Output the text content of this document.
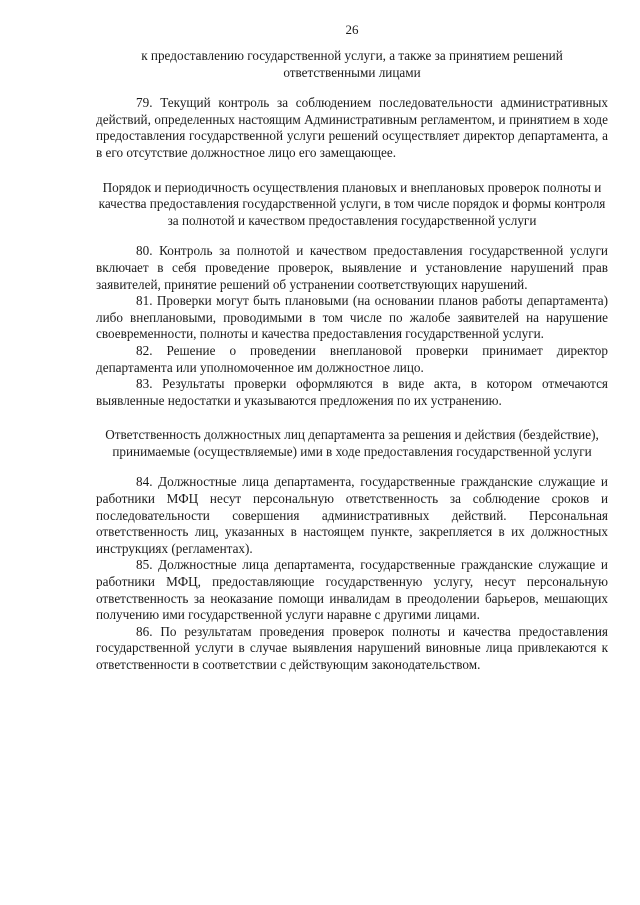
26

к предоставлению государственной услуги, а также за принятием решений ответственными лицами

79. Текущий контроль за соблюдением последовательности административных действий, определенных настоящим Административным регламентом, и принятием в ходе предоставления государственной услуги решений осуществляет директор департамента, а в его отсутствие должностное лицо его замещающее.

Порядок и периодичность осуществления плановых и внеплановых проверок полноты и качества предоставления государственной услуги, в том числе порядок и формы контроля за полнотой и качеством предоставления государственной услуги

80. Контроль за полнотой и качеством предоставления государственной услуги включает в себя проведение проверок, выявление и установление нарушений прав заявителей, принятие решений об устранении соответствующих нарушений.

81. Проверки могут быть плановыми (на основании планов работы департамента) либо внеплановыми, проводимыми в том числе по жалобе заявителей на нарушение своевременности, полноты и качества предоставления государственной услуги.

82. Решение о проведении внеплановой проверки принимает директор департамента или уполномоченное им должностное лицо.

83. Результаты проверки оформляются в виде акта, в котором отмечаются выявленные недостатки и указываются предложения по их устранению.

Ответственность должностных лиц департамента за решения и действия (бездействие), принимаемые (осуществляемые) ими в ходе предоставления государственной услуги

84. Должностные лица департамента, государственные гражданские служащие и работники МФЦ несут персональную ответственность за соблюдение сроков и последовательности совершения административных действий. Персональная ответственность лиц, указанных в настоящем пункте, закрепляется в их должностных инструкциях (регламентах).

85. Должностные лица департамента, государственные гражданские служащие и работники МФЦ, предоставляющие государственную услугу, несут персональную ответственность за неоказание помощи инвалидам в преодолении барьеров, мешающих получению ими государственной услуги наравне с другими лицами.

86. По результатам проведения проверок полноты и качества предоставления государственной услуги в случае выявления нарушений виновные лица привлекаются к ответственности в соответствии с действующим законодательством.
